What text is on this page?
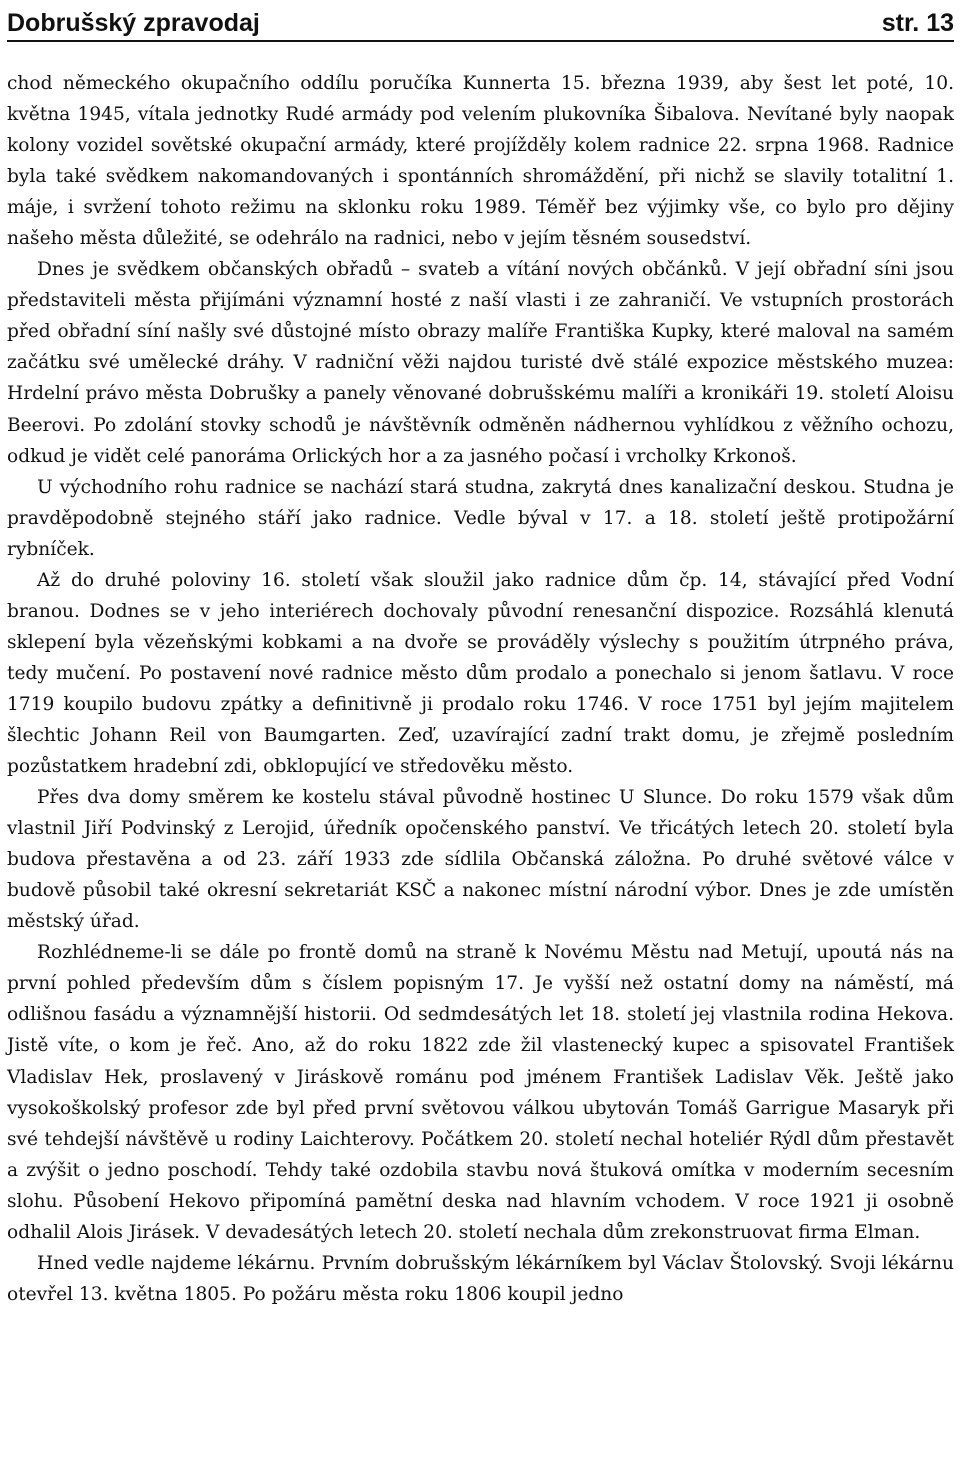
Dobrušský zpravodaj	str. 13

chod německého okupačního oddílu poručíka Kunnerta 15. března 1939, aby šest let poté, 10. května 1945, vítala jednotky Rudé armády pod velením plukovníka Šibalova. Nevítané byly naopak kolony vozidel sovětské okupační armády, které projížděly kolem radnice 22. srpna 1968. Radnice byla také svědkem nakomandovaných i spontánních shromáždění, při nichž se slavily totalitní 1. máje, i svržení tohoto režimu na sklonku roku 1989. Téměř bez výjimky vše, co bylo pro dějiny našeho města důležité, se odehrálo na radnici, nebo v jejím těsném sousedství.

Dnes je svědkem občanských obřadů – svateb a vítání nových občánků. V její obřadní síni jsou představiteli města přijímáni významní hosté z naší vlasti i ze zahraničí. Ve vstupních prostorách před obřadní síní našly své důstojné místo obrazy malíře Františka Kupky, které maloval na samém začátku své umělecké dráhy. V radniční věži najdou turisté dvě stálé expozice městského muzea: Hrdelní právo města Dobrušky a panely věnované dobrušskému malíři a kronikáři 19. století Aloisu Beerovi. Po zdolání stovky schodů je návštěvník odměněn nádhernou vyhlídkou z věžního ochozu, odkud je vidět celé panoráma Orlických hor a za jasného počasí i vrcholky Krkonoš.

U východního rohu radnice se nachází stará studna, zakrytá dnes kanalizační deskou. Studna je pravděpodobně stejného stáří jako radnice. Vedle býval v 17. a 18. století ještě protipožární rybníček.

Až do druhé poloviny 16. století však sloužil jako radnice dům čp. 14, stávající před Vodní branou. Dodnes se v jeho interiérech dochovaly původní renesanční dispozice. Rozsáhlá klenutá sklepení byla vězeňskými kobkami a na dvoře se prováděly výslechy s použitím útrpného práva, tedy mučení. Po postavení nové radnice město dům prodalo a ponechalo si jenom šatlavu. V roce 1719 koupilo budovu zpátky a definitivně ji prodalo roku 1746. V roce 1751 byl jejím majitelem šlechtic Johann Reil von Baumgarten. Zeď, uzavírající zadní trakt domu, je zřejmě posledním pozůstatkem hradební zdi, obklopující ve středověku město.

Přes dva domy směrem ke kostelu stával původně hostinec U Slunce. Do roku 1579 však dům vlastnil Jiří Podvinský z Lerojid, úředník opočenského panství. Ve třicátých letech 20. století byla budova přestavěna a od 23. září 1933 zde sídlila Občanská záložna. Po druhé světové válce v budově působil také okresní sekretariát KSČ a nakonec místní národní výbor. Dnes je zde umístěn městský úřad.

Rozhlédneme-li se dále po frontě domů na straně k Novému Městu nad Metují, upoutá nás na první pohled především dům s číslem popisným 17. Je vyšší než ostatní domy na náměstí, má odlišnou fasádu a významnější historii. Od sedmdesátých let 18. století jej vlastnila rodina Hekova. Jistě víte, o kom je řeč. Ano, až do roku 1822 zde žil vlastenecký kupec a spisovatel František Vladislav Hek, proslavený v Jiráskově románu pod jménem František Ladislav Věk. Ještě jako vysokoškolský profesor zde byl před první světovou válkou ubytován Tomáš Garrigue Masaryk při své tehdejší návštěvě u rodiny Laichterovy. Počátkem 20. století nechal hoteliér Rýdl dům přestavět a zvýšit o jedno poschodí. Tehdy také ozdobila stavbu nová štuková omítka v moderním secesním slohu. Působení Hekovo připomíná pamětní deska nad hlavním vchodem. V roce 1921 ji osobně odhalil Alois Jirásek. V devadesátých letech 20. století nechala dům zrekonstruovat firma Elman.

Hned vedle najdeme lékárnu. Prvním dobrušským lékárníkem byl Václav Štolovský. Svoji lékárnu otevřel 13. května 1805. Po požáru města roku 1806 koupil jedno
